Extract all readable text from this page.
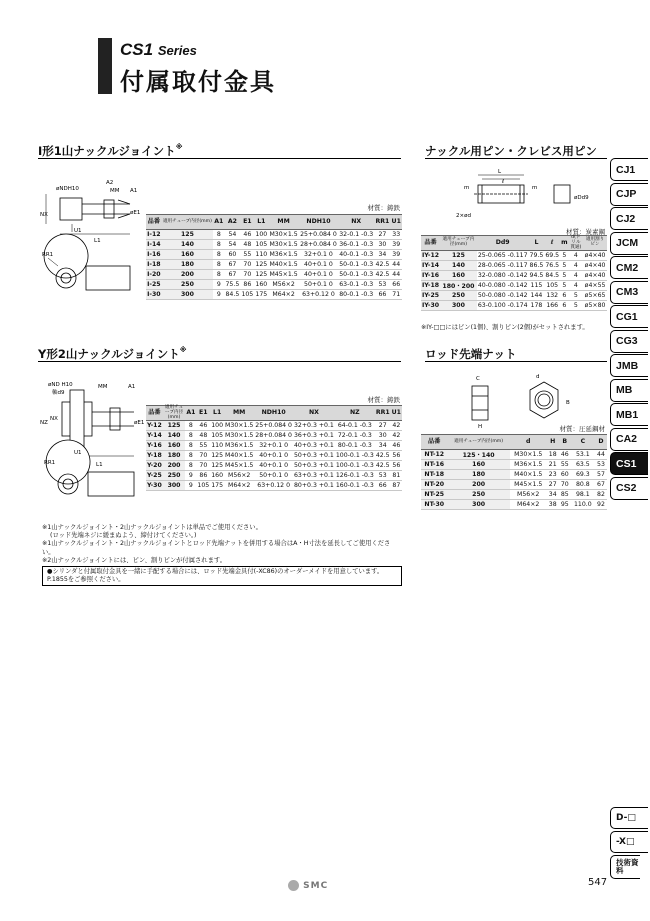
CS1 Series
付属取付金具
I形1山ナックルジョイント※
øNDH10
A2
MM A1
øE1
NX
U1
L1
RR1
材質：鋳鉄
品番	適用チューブ内径(mm)	A1	A2	E1	L1	MM	NDH10	NX	RR1	U1
I-12	125	8	54	46	100	M30×1.5	25+0.084 0	32-0.1 -0.3	27	33
I-14	140	8	54	48	105	M30×1.5	28+0.084 0	36-0.1 -0.3	30	39
I-16	160	8	60	55	110	M36×1.5	32+0.1 0	40-0.1 -0.3	34	39
I-18	180	8	67	70	125	M40×1.5	40+0.1 0	50-0.1 -0.3	42.5	44
I-20	200	8	67	70	125	M45×1.5	40+0.1 0	50-0.1 -0.3	42.5	44
I-25	250	9	75.5	86	160	M56×2	50+0.1 0	63-0.1 -0.3	53	66
I-30	300	9	84.5	105	175	M64×2	63+0.12 0	80-0.1 -0.3	66	71
ナックル用ピン・クレビス用ピン
L
m
ℓ
m
2×ød
øDd9
材質：炭素鋼
品番	適用チューブ内径(mm)	Dd9	L	ℓ	m	d(ドリル貫通)	適用割りピン
IY-12	125	25-0.065 -0.117	79.5	69.5	5	4	ø4×40
IY-14	140	28-0.065 -0.117	86.5	76.5	5	4	ø4×40
IY-16	160	32-0.080 -0.142	94.5	84.5	5	4	ø4×40
IY-18	180・200	40-0.080 -0.142	115	105	5	4	ø4×55
IY-25	250	50-0.080 -0.142	144	132	6	5	ø5×65
IY-30	300	63-0.100 -0.174	178	166	6	5	ø5×80
※IY-□□にはピン(1個)、割りピン(2個)がセットされます。
Y形2山ナックルジョイント※
øND H10
軸d9
MM	A1
øE1
NZ
NX
U1
L1
RR1
材質：鋳鉄
品番	適用チューブ内径(mm)	A1	E1	L1	MM	NDH10	NX	NZ	RR1	U1
Y-12	125	8	46	100	M30×1.5	25+0.084 0	32+0.3 +0.1	64-0.1 -0.3	27	42
Y-14	140	8	48	105	M30×1.5	28+0.084 0	36+0.3 +0.1	72-0.1 -0.3	30	42
Y-16	160	8	55	110	M36×1.5	32+0.1 0	40+0.3 +0.1	80-0.1 -0.3	34	46
Y-18	180	8	70	125	M40×1.5	40+0.1 0	50+0.3 +0.1	100-0.1 -0.3	42.5	56
Y-20	200	8	70	125	M45×1.5	40+0.1 0	50+0.3 +0.1	100-0.1 -0.3	42.5	56
Y-25	250	9	86	160	M56×2	50+0.1 0	63+0.3 +0.1	126-0.1 -0.3	53	81
Y-30	300	9	105	175	M64×2	63+0.12 0	80+0.3 +0.1	160-0.1 -0.3	66	87
ロッド先端ナット
C	d
B
H	材質：圧延鋼材
品番	適用チューブ内径(mm)	d	H	B	C	D
NT-12	125・140	M30×1.5	18	46	53.1	44
NT-16	160	M36×1.5	21	55	63.5	53
NT-18	180	M40×1.5	23	60	69.3	57
NT-20	200	M45×1.5	27	70	80.8	67
NT-25	250	M56×2	34	85	98.1	82
NT-30	300	M64×2	38	95	110.0	92
※1山ナックルジョイント・2山ナックルジョイントは単品でご使用ください。
(ロッド先端ネジに緩まぬよう、締付けてください。)
※1山ナックルジョイント・2山ナックルジョイントとロッド先端ナットを併用する場合はA・H寸法を延長してご使用ください。
※2山ナックルジョイントには、ピン、割りピンが付属されます。
●シリンダと付属取付金具を一緒に手配する場合には、ロッド先端金具付(-XC86)のオーダーメイドを用意しています。P.1855をご参照ください。
CJ1
CJP
CJ2
JCM
CM2
CM3
CG1
CG3
JMB
MB
MB1
CA2
CS1
CS2
D-□
-X□
技術資料
SMC	547
